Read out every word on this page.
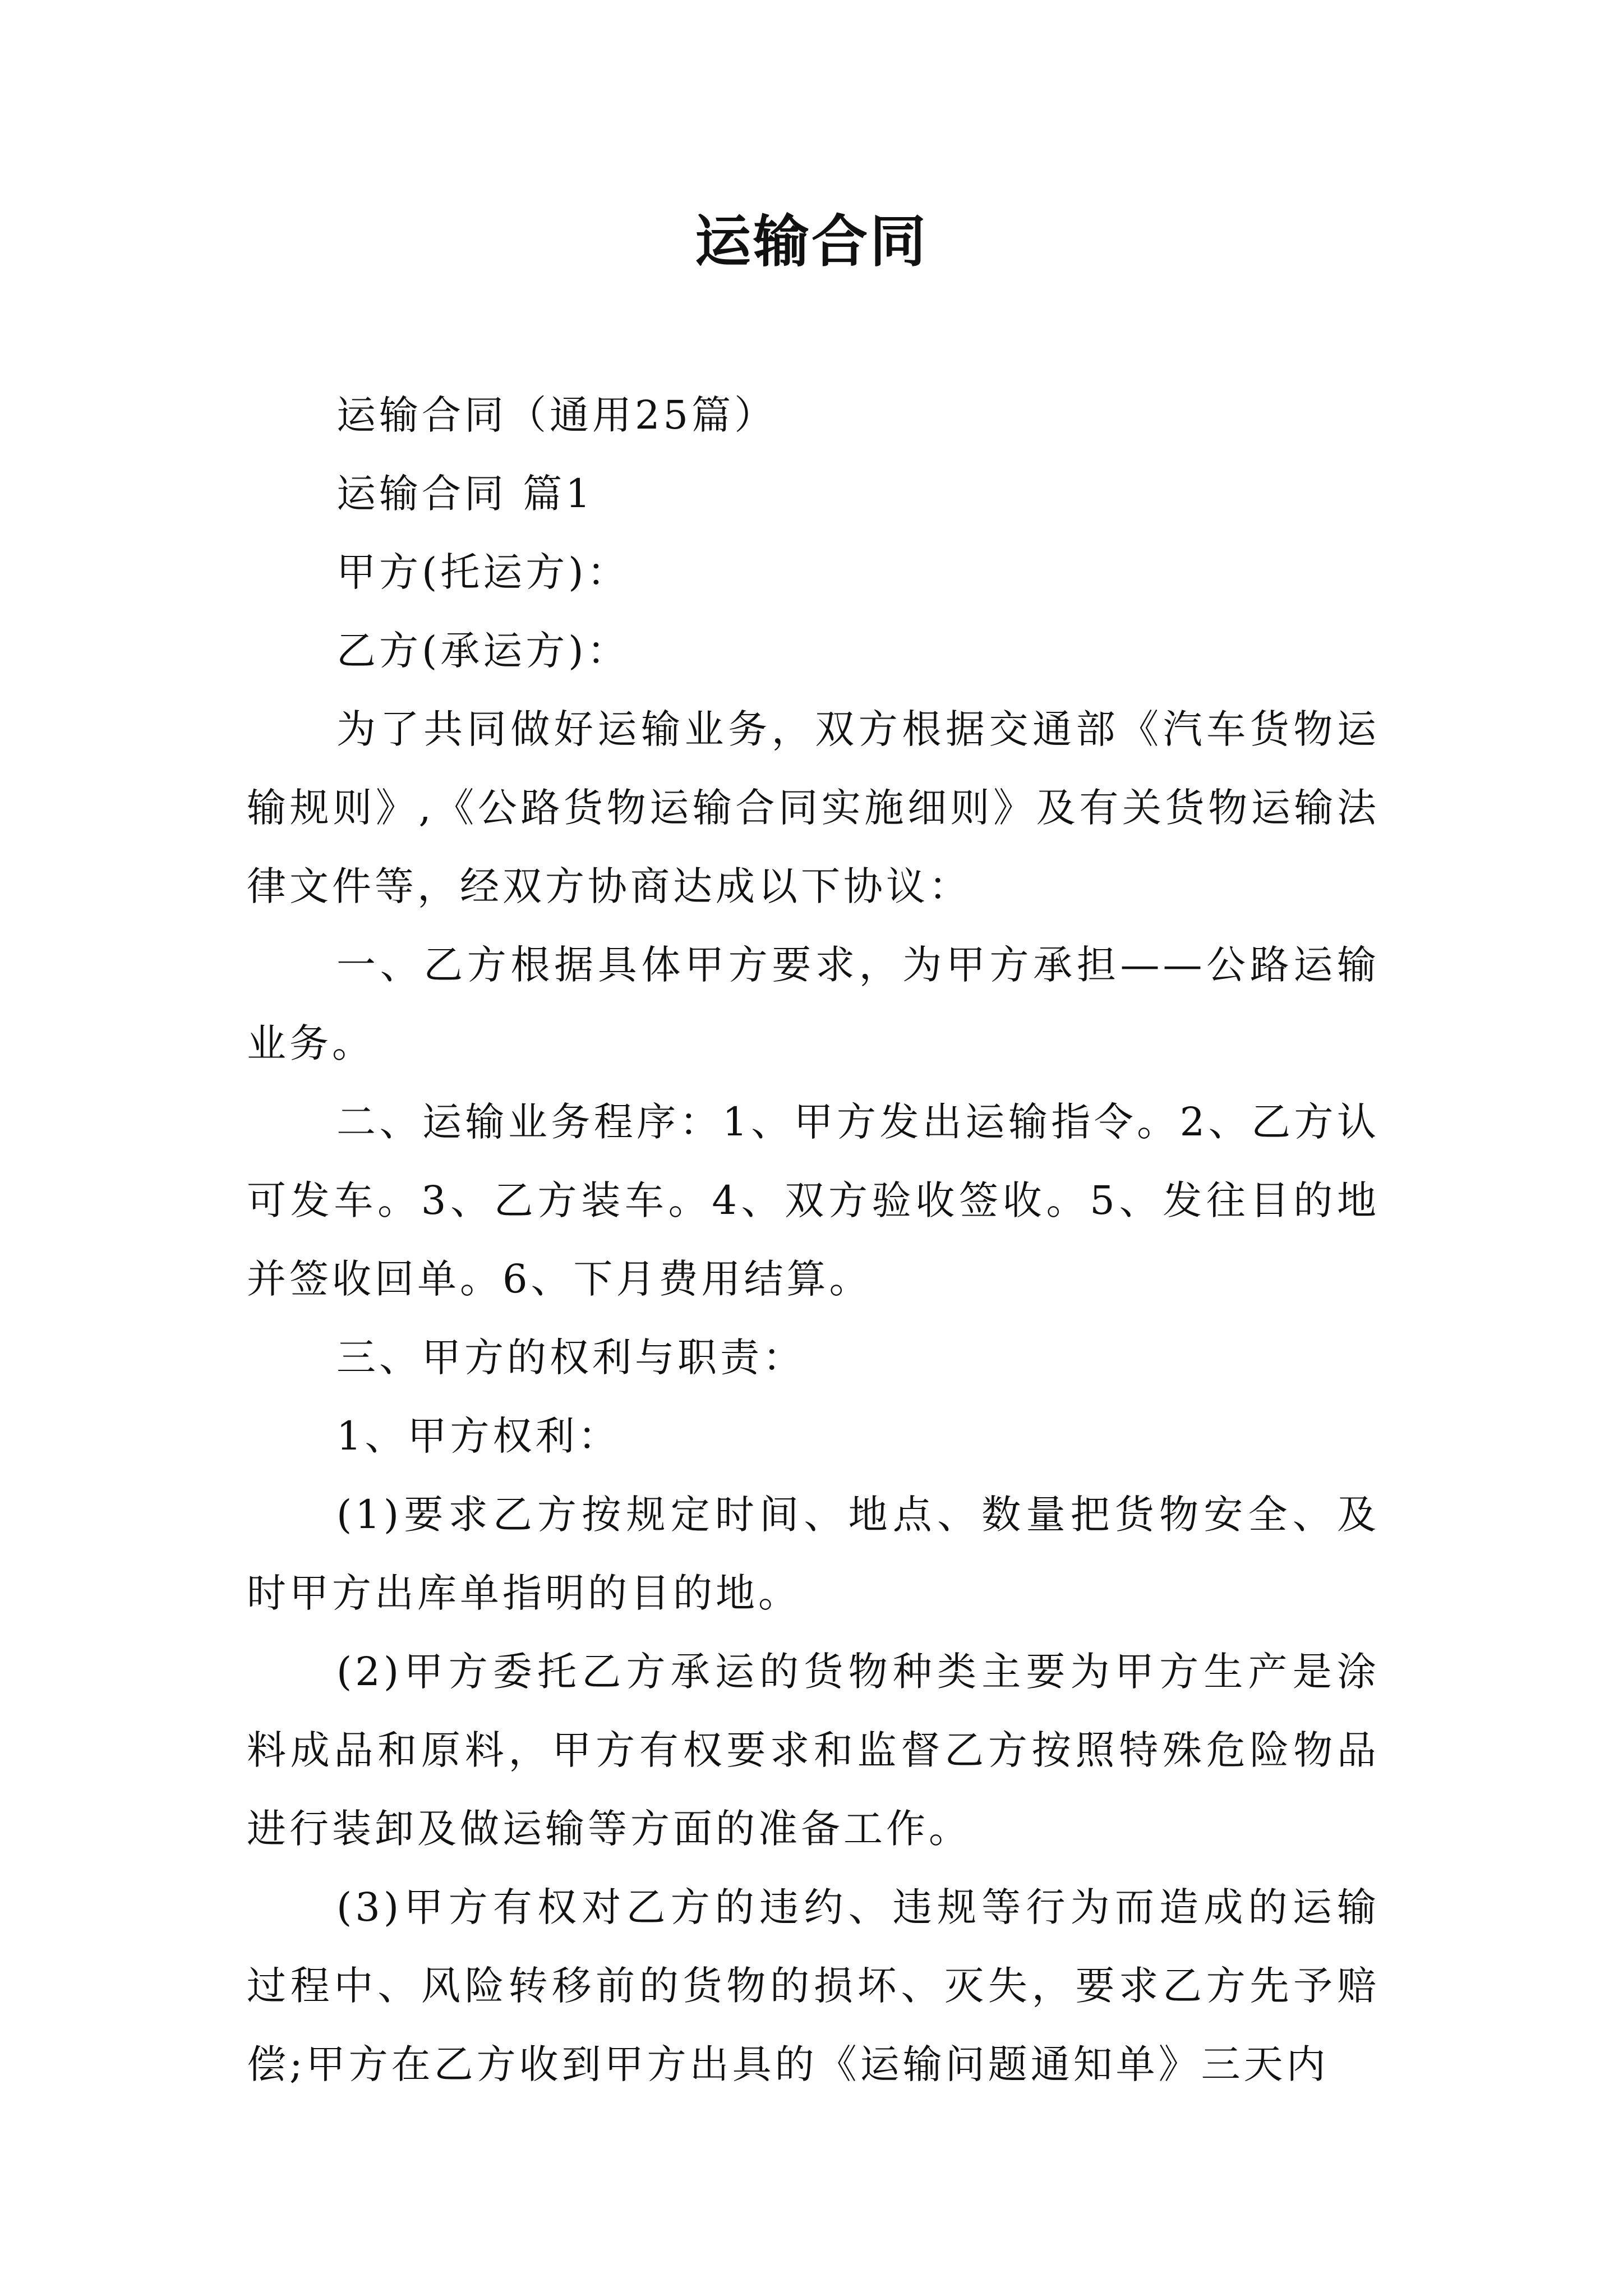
运输合同

运输合同（通用25篇）

运输合同 篇1

甲方(托运方)：

乙方(承运方)：

为了共同做好运输业务，双方根据交通部《汽车货物运输规则》,《公路货物运输合同实施细则》及有关货物运输法律文件等，经双方协商达成以下协议：

一、乙方根据具体甲方要求，为甲方承担——公路运输业务。

二、运输业务程序：1、甲方发出运输指令。2、乙方认可发车。3、乙方装车。4、双方验收签收。5、发往目的地并签收回单。6、下月费用结算。

三、甲方的权利与职责：

1、甲方权利：

(1)要求乙方按规定时间、地点、数量把货物安全、及时甲方出库单指明的目的地。

(2)甲方委托乙方承运的货物种类主要为甲方生产是涂料成品和原料，甲方有权要求和监督乙方按照特殊危险物品进行装卸及做运输等方面的准备工作。

(3)甲方有权对乙方的违约、违规等行为而造成的运输过程中、风险转移前的货物的损坏、灭失，要求乙方先予赔偿;甲方在乙方收到甲方出具的《运输问题通知单》三天内
